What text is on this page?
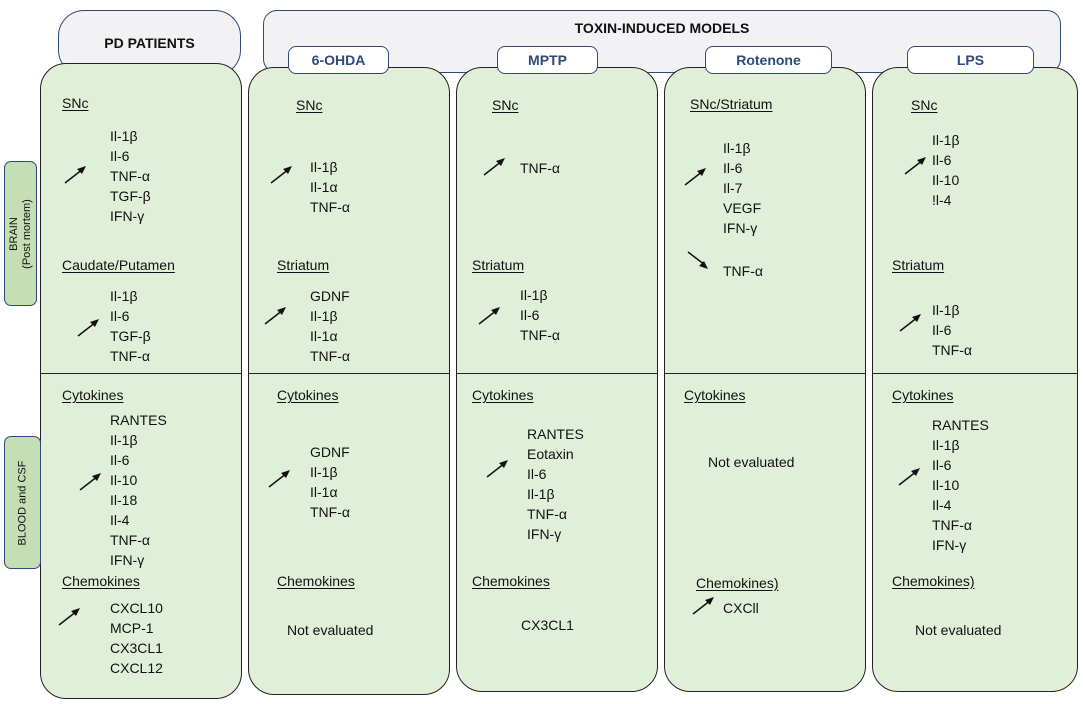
PD PATIENTS
TOXIN-INDUCED MODELS
6-OHDA	MPTP	Rotenone	LPS
BRAIN (Post mortem)
BLOOD and CSF
SNc
Il-1β
Il-6
TNF-α
TGF-β
IFN-γ
Caudate/Putamen
Il-1β
Il-6
TGF-β
TNF-α
Cytokines
RANTES
Il-1β
Il-6
Il-10
Il-18
Il-4
TNF-α
IFN-γ
Chemokines
CXCL10
MCP-1
CX3CL1
CXCL12
SNc
Il-1β
Il-1α
TNF-α
Striatum
GDNF
Il-1β
Il-1α
TNF-α
Cytokines
GDNF
Il-1β
Il-1α
TNF-α
Chemokines
Not evaluated
SNc
TNF-α
Striatum
Il-1β
Il-6
TNF-α
Cytokines
RANTES
Eotaxin
Il-6
Il-1β
TNF-α
IFN-γ
Chemokines
CX3CL1
SNc/Striatum
Il-1β
Il-6
Il-7
VEGF
IFN-γ
TNF-α
Cytokines
Not evaluated
Chemokines)
CXCll
SNc
Il-1β
Il-6
Il-10
!l-4
Striatum
Il-1β
Il-6
TNF-α
Cytokines
RANTES
Il-1β
Il-6
Il-10
Il-4
TNF-α
IFN-γ
Chemokines)
Not evaluated
